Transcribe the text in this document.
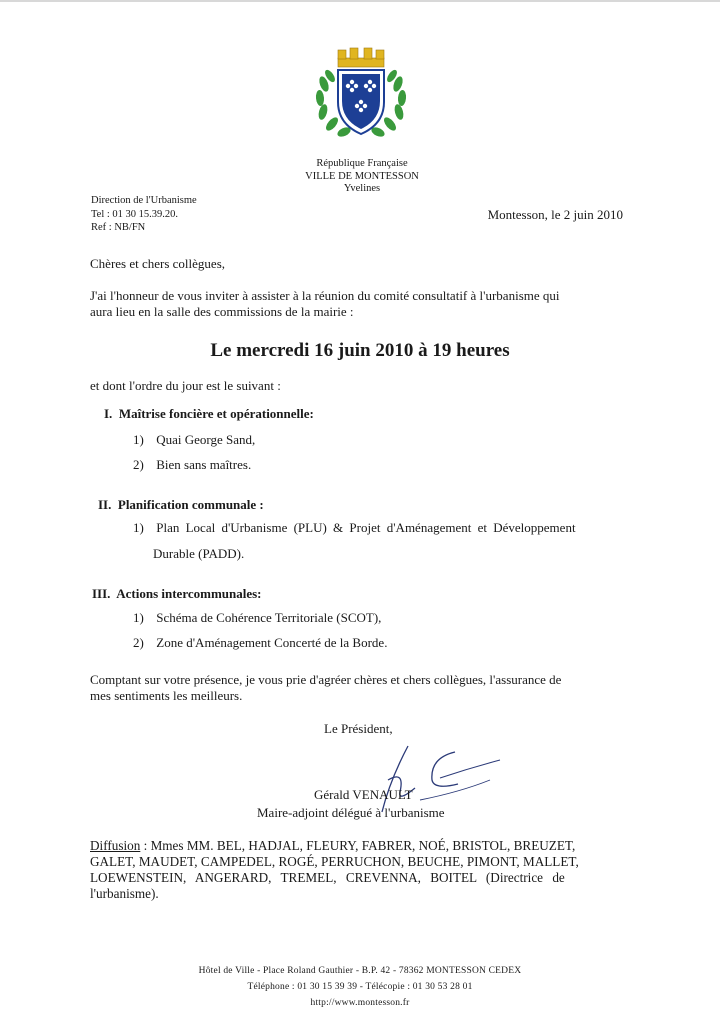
République Française
VILLE DE MONTESSON
Yvelines
Direction de l'Urbanisme
Tel : 01 30 15.39.20.
Ref : NB/FN
Montesson, le 2 juin 2010
Chères et chers collègues,
J'ai l'honneur de vous inviter à assister à la réunion du comité consultatif à l'urbanisme qui
aura lieu en la salle des commissions de la mairie :
Le mercredi 16 juin 2010 à 19 heures
et dont l'ordre du jour est le suivant :
I. Maîtrise foncière et opérationnelle:
1) Quai George Sand,
2) Bien sans maîtres.
II. Planification communale :
1) Plan Local d'Urbanisme (PLU) & Projet d'Aménagement et Développement
Durable (PADD).
III. Actions intercommunales:
1) Schéma de Cohérence Territoriale (SCOT),
2) Zone d'Aménagement Concerté de la Borde.
Comptant sur votre présence, je vous prie d'agréer chères et chers collègues, l'assurance de
mes sentiments les meilleurs.
Le Président,
Gérald VENAULT
Maire-adjoint délégué à l'urbanisme
Diffusion : Mmes MM. BEL, HADJAL, FLEURY, FABRER, NOÉ, BRISTOL, BREUZET,
GALET, MAUDET, CAMPEDEL, ROGÉ, PERRUCHON, BEUCHE, PIMONT, MALLET,
LOEWENSTEIN, ANGERARD, TREMEL, CREVENNA, BOITEL (Directrice de
l'urbanisme).
Hôtel de Ville - Place Roland Gauthier - B.P. 42 - 78362 MONTESSON CEDEX
Téléphone : 01 30 15 39 39 - Télécopie : 01 30 53 28 01
http://www.montesson.fr
